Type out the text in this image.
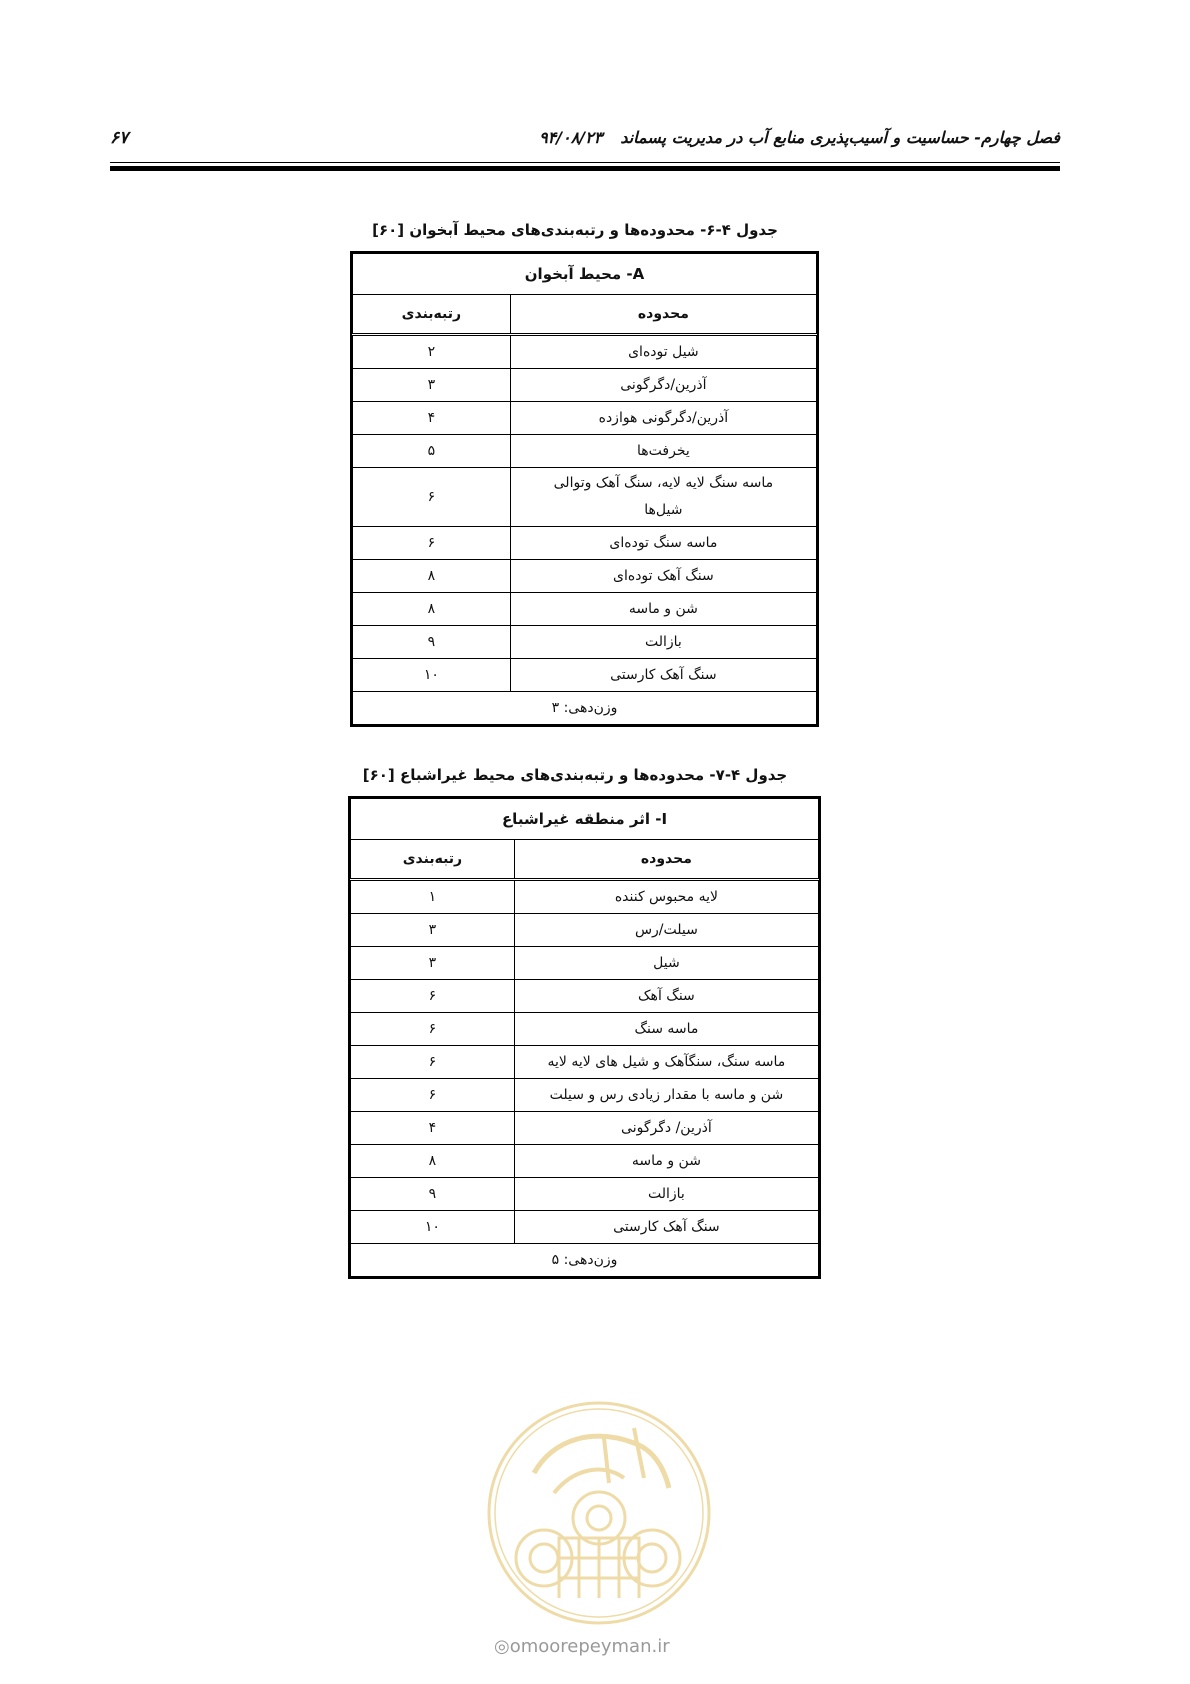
فصل چهارم- حساسیت و آسیب‌پذیری منابع آب در مدیریت پسماند۹۴/۰۸/۲۳
۶۷
جدول ۴-۶- محدوده‌ها و رتبه‌بندی‌های محیط آبخوان [۶۰]
A- محیط آبخوان	
محدوده	رتبه‌بندی
شیل توده‌ای	۲
آذرین/دگرگونی	۳
آذرین/دگرگونی هوازده	۴
یخرفت‌ها	۵
ماسه سنگ لایه لایه، سنگ آهک وتوالی شیل‌ها	۶
ماسه سنگ توده‌ای	۶
سنگ آهک توده‌ای	۸
شن و ماسه	۸
بازالت	۹
سنگ آهک کارستی	۱۰
وزن‌دهی: ۳	
جدول ۴-۷- محدوده‌ها و رتبه‌بندی‌های محیط غیراشباع [۶۰]
I- اثر منطقه غیراشباع	
محدوده	رتبه‌بندی
لایه محبوس کننده	۱
سیلت/رس	۳
شیل	۳
سنگ آهک	۶
ماسه سنگ	۶
ماسه سنگ، سنگآهک و شیل های لایه لایه	۶
شن و ماسه با مقدار زیادی رس و سیلت	۶
آذرین/ دگرگونی	۴
شن و ماسه	۸
بازالت	۹
سنگ آهک کارستی	۱۰
وزن‌دهی: ۵	
◎omoorepeyman.ir
